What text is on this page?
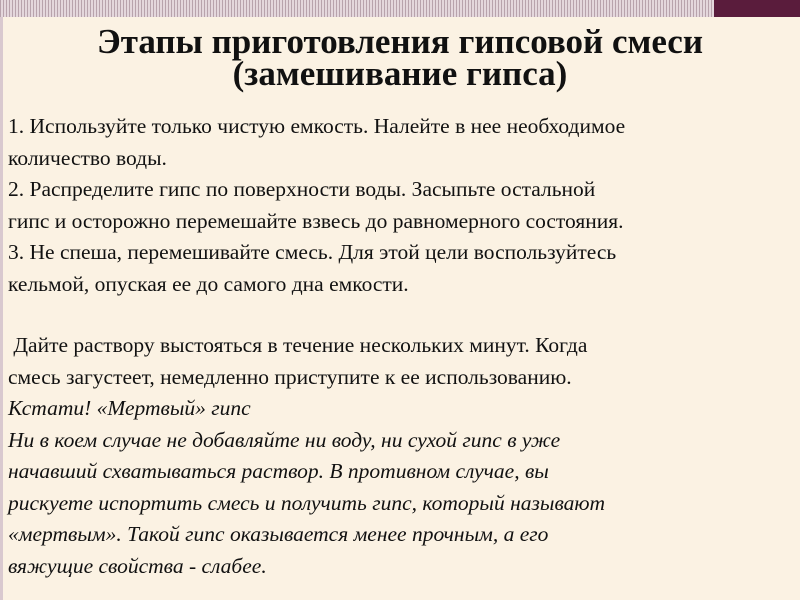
Этапы приготовления гипсовой смеси
(замешивание гипса)
1. Используйте только чистую емкость. Налейте в нее необходимое
количество воды.
2. Распределите гипс по поверхности воды. Засыпьте остальной
гипс и осторожно перемешайте взвесь до равномерного состояния.
3. Не спеша, перемешивайте смесь. Для этой цели воспользуйтесь
кельмой, опуская ее до самого дна емкости.
Дайте раствору выстояться в течение нескольких минут. Когда
смесь загустеет, немедленно приступите к ее использованию.
Кстати! «Мертвый» гипс
Ни в коем случае не добавляйте ни воду, ни сухой гипс в уже
начавший схватываться раствор. В противном случае, вы
рискуете испортить смесь и получить гипс, который называют
«мертвым». Такой гипс оказывается менее прочным, а его
вяжущие свойства - слабее.
